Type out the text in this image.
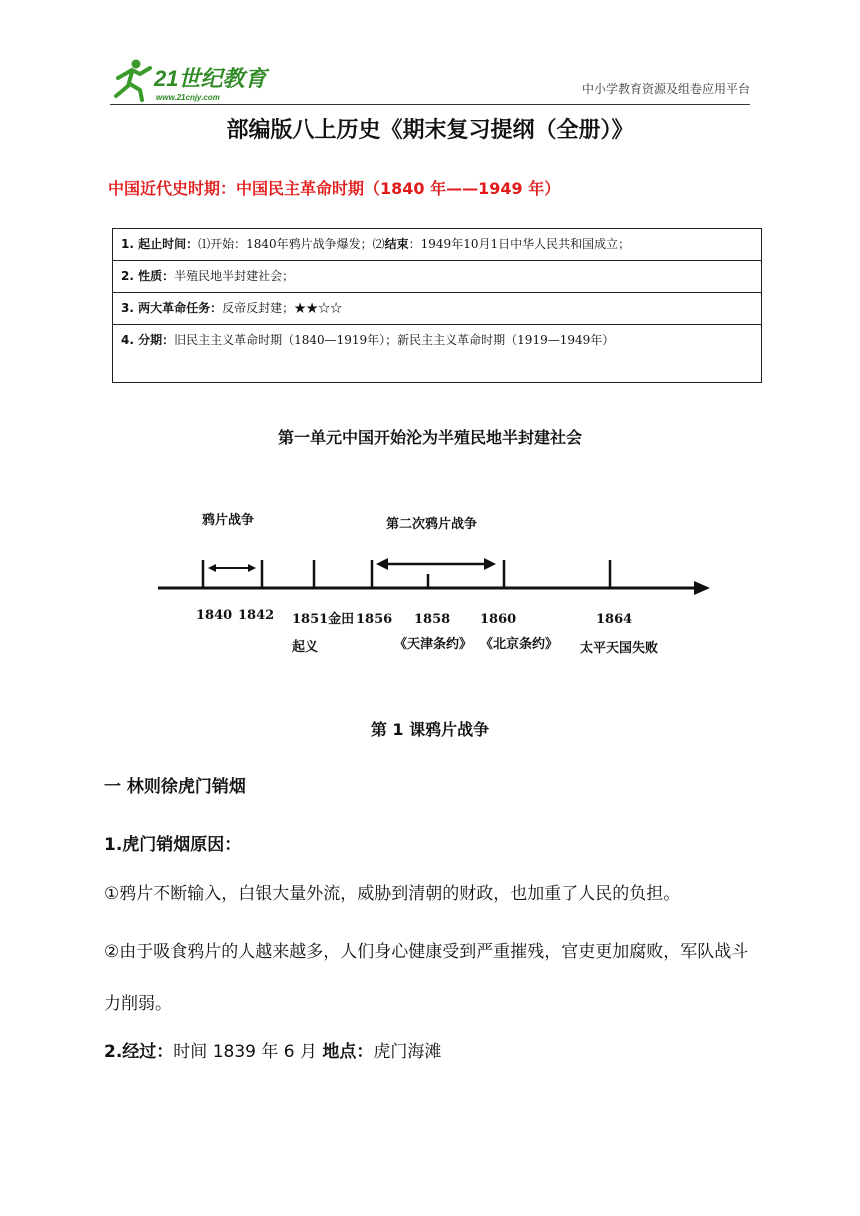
21世纪教育
www.21cnjy.com
中小学教育资源及组卷应用平台
部编版八上历史《期末复习提纲（全册）》
中国近代史时期：中国民主革命时期（1840 年——1949 年）
1. 起止时间：⑴开始：1840年鸦片战争爆发；⑵结束：1949年10月1日中华人民共和国成立；
2. 性质：半殖民地半封建社会；
3. 两大革命任务：反帝反封建；★★☆☆
4. 分期：旧民主主义革命时期（1840—1919年）；新民主主义革命时期（1919—1949年）
第一单元中国开始沦为半殖民地半封建社会
鸦片战争	第二次鸦片战争
1840 1842 1851金田
起义
1856 1858
《天津条约》
1860
《北京条约》
1864
太平天国失败
第 1 课鸦片战争
一 林则徐虎门销烟
1.虎门销烟原因：
①鸦片不断输入，白银大量外流，威胁到清朝的财政，也加重了人民的负担。
②由于吸食鸦片的人越来越多，人们身心健康受到严重摧残，官吏更加腐败，军队战斗力削弱。
2.经过：时间 1839 年 6 月 地点：虎门海滩
